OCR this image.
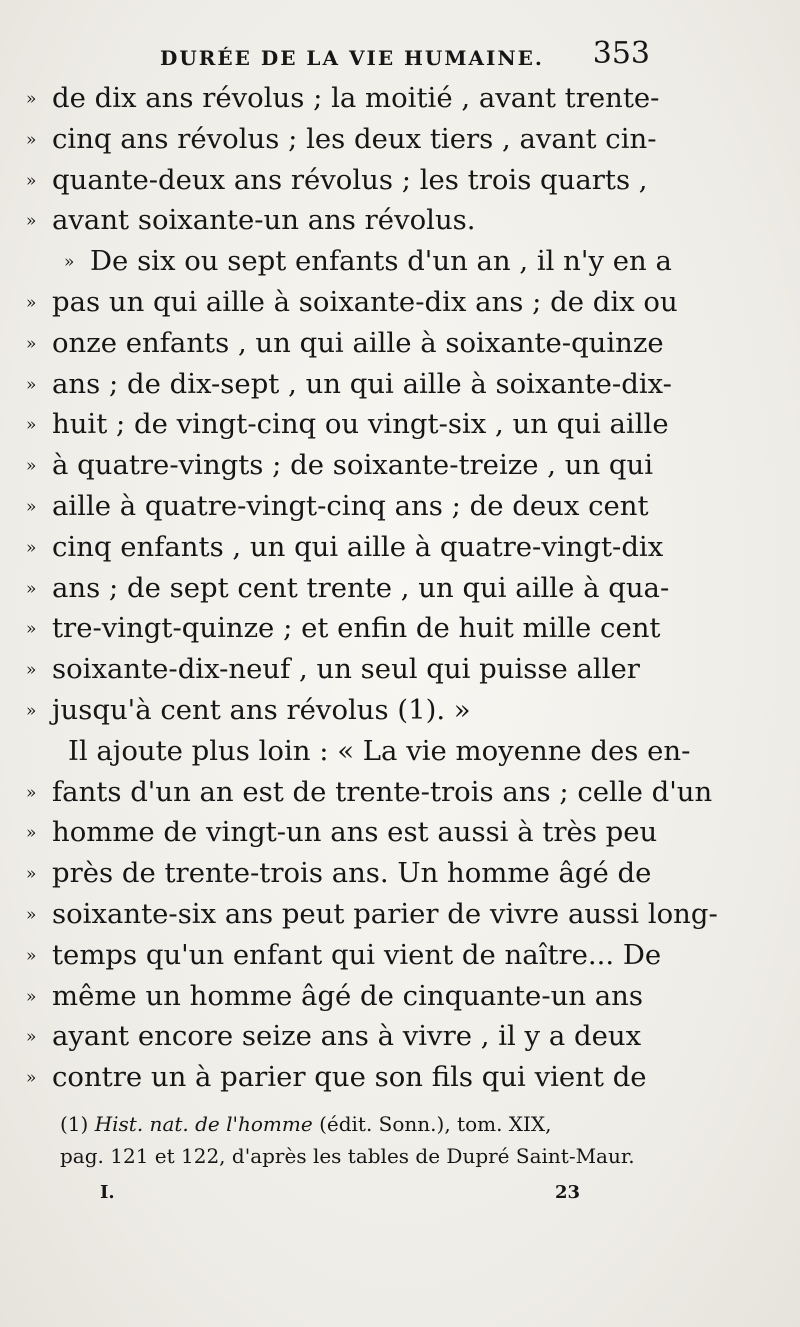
DURÉE DE LA VIE HUMAINE. 353
» de dix ans révolus ; la moitié , avant trente-
» cinq ans révolus ; les deux tiers , avant cin-
» quante-deux ans révolus ; les trois quarts ,
» avant soixante-un ans révolus.
» De six ou sept enfants d'un an , il n'y en a
» pas un qui aille à soixante-dix ans ; de dix ou
» onze enfants , un qui aille à soixante-quinze
» ans ; de dix-sept , un qui aille à soixante-dix-
» huit ; de vingt-cinq ou vingt-six , un qui aille
» à quatre-vingts ; de soixante-treize , un qui
» aille à quatre-vingt-cinq ans ; de deux cent
» cinq enfants , un qui aille à quatre-vingt-dix
» ans ; de sept cent trente , un qui aille à qua-
» tre-vingt-quinze ; et enfin de huit mille cent
» soixante-dix-neuf , un seul qui puisse aller
» jusqu'à cent ans révolus (1). »
Il ajoute plus loin : « La vie moyenne des en-
» fants d'un an est de trente-trois ans ; celle d'un
» homme de vingt-un ans est aussi à très peu
» près de trente-trois ans. Un homme âgé de
» soixante-six ans peut parier de vivre aussi long-
» temps qu'un enfant qui vient de naître... De
» même un homme âgé de cinquante-un ans
» ayant encore seize ans à vivre , il y a deux
» contre un à parier que son fils qui vient de
(1) Hist. nat. de l'homme (édit. Sonn.), tom. XIX,
pag. 121 et 122, d'après les tables de Dupré Saint-Maur.
I.	23
